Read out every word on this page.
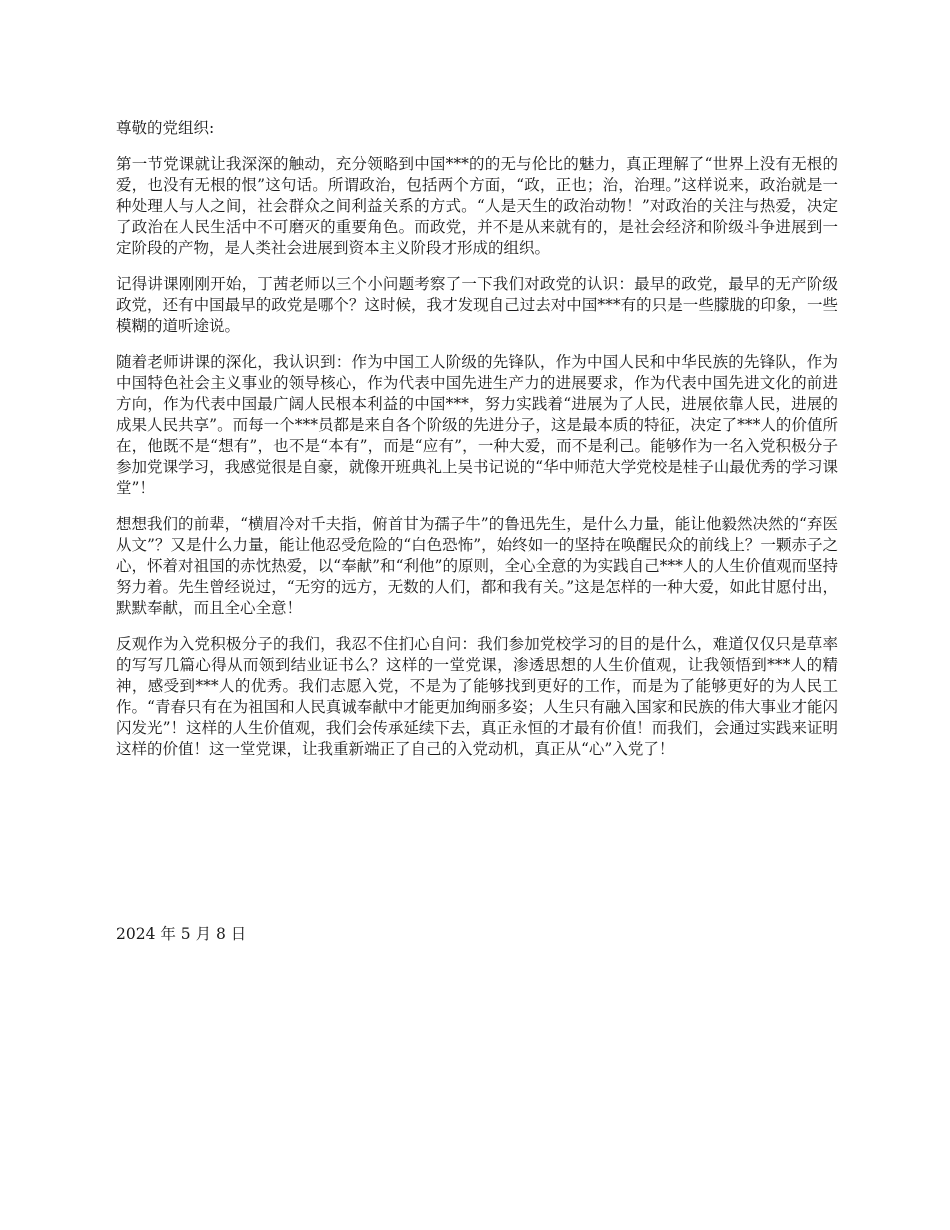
尊敬的党组织:

第一节党课就让我深深的触动，充分领略到中国***的的无与伦比的魅力，真正理解了“世界上没有无根的爱，也没有无根的恨”这句话。所谓政治，包括两个方面，“政，正也；治，治理。”这样说来，政治就是一种处理人与人之间，社会群众之间利益关系的方式。“人是天生的政治动物！”对政治的关注与热爱，决定了政治在人民生活中不可磨灭的重要角色。而政党，并不是从来就有的，是社会经济和阶级斗争进展到一定阶段的产物，是人类社会进展到资本主义阶段才形成的组织。

记得讲课刚刚开始，丁茜老师以三个小问题考察了一下我们对政党的认识：最早的政党，最早的无产阶级政党，还有中国最早的政党是哪个？这时候，我才发现自己过去对中国***有的只是一些朦胧的印象，一些模糊的道听途说。

随着老师讲课的深化，我认识到：作为中国工人阶级的先锋队，作为中国人民和中华民族的先锋队，作为中国特色社会主义事业的领导核心，作为代表中国先进生产力的进展要求，作为代表中国先进文化的前进方向，作为代表中国最广阔人民根本利益的中国***，努力实践着“进展为了人民，进展依靠人民，进展的成果人民共享”。而每一个***员都是来自各个阶级的先进分子，这是最本质的特征，决定了***人的价值所在，他既不是“想有”，也不是“本有”，而是“应有”，一种大爱，而不是利己。能够作为一名入党积极分子参加党课学习，我感觉很是自豪，就像开班典礼上吴书记说的“华中师范大学党校是桂子山最优秀的学习课堂”！

想想我们的前辈，“横眉冷对千夫指，俯首甘为孺子牛”的鲁迅先生，是什么力量，能让他毅然决然的“弃医从文”？又是什么力量，能让他忍受危险的“白色恐怖”，始终如一的坚持在唤醒民众的前线上？一颗赤子之心，怀着对祖国的赤忱热爱，以“奉献”和“利他”的原则，全心全意的为实践自己***人的人生价值观而坚持努力着。先生曾经说过，“无穷的远方，无数的人们，都和我有关。”这是怎样的一种大爱，如此甘愿付出，默默奉献，而且全心全意！

反观作为入党积极分子的我们，我忍不住扪心自问：我们参加党校学习的目的是什么，难道仅仅只是草率的写写几篇心得从而领到结业证书么？这样的一堂党课，渗透思想的人生价值观，让我领悟到***人的精神，感受到***人的优秀。我们志愿入党，不是为了能够找到更好的工作，而是为了能够更好的为人民工作。“青春只有在为祖国和人民真诚奉献中才能更加绚丽多姿；人生只有融入国家和民族的伟大事业才能闪闪发光”！这样的人生价值观，我们会传承延续下去，真正永恒的才最有价值！而我们，会通过实践来证明这样的价值！这一堂党课，让我重新端正了自己的入党动机，真正从“心”入党了！

2024 年 5 月 8 日
